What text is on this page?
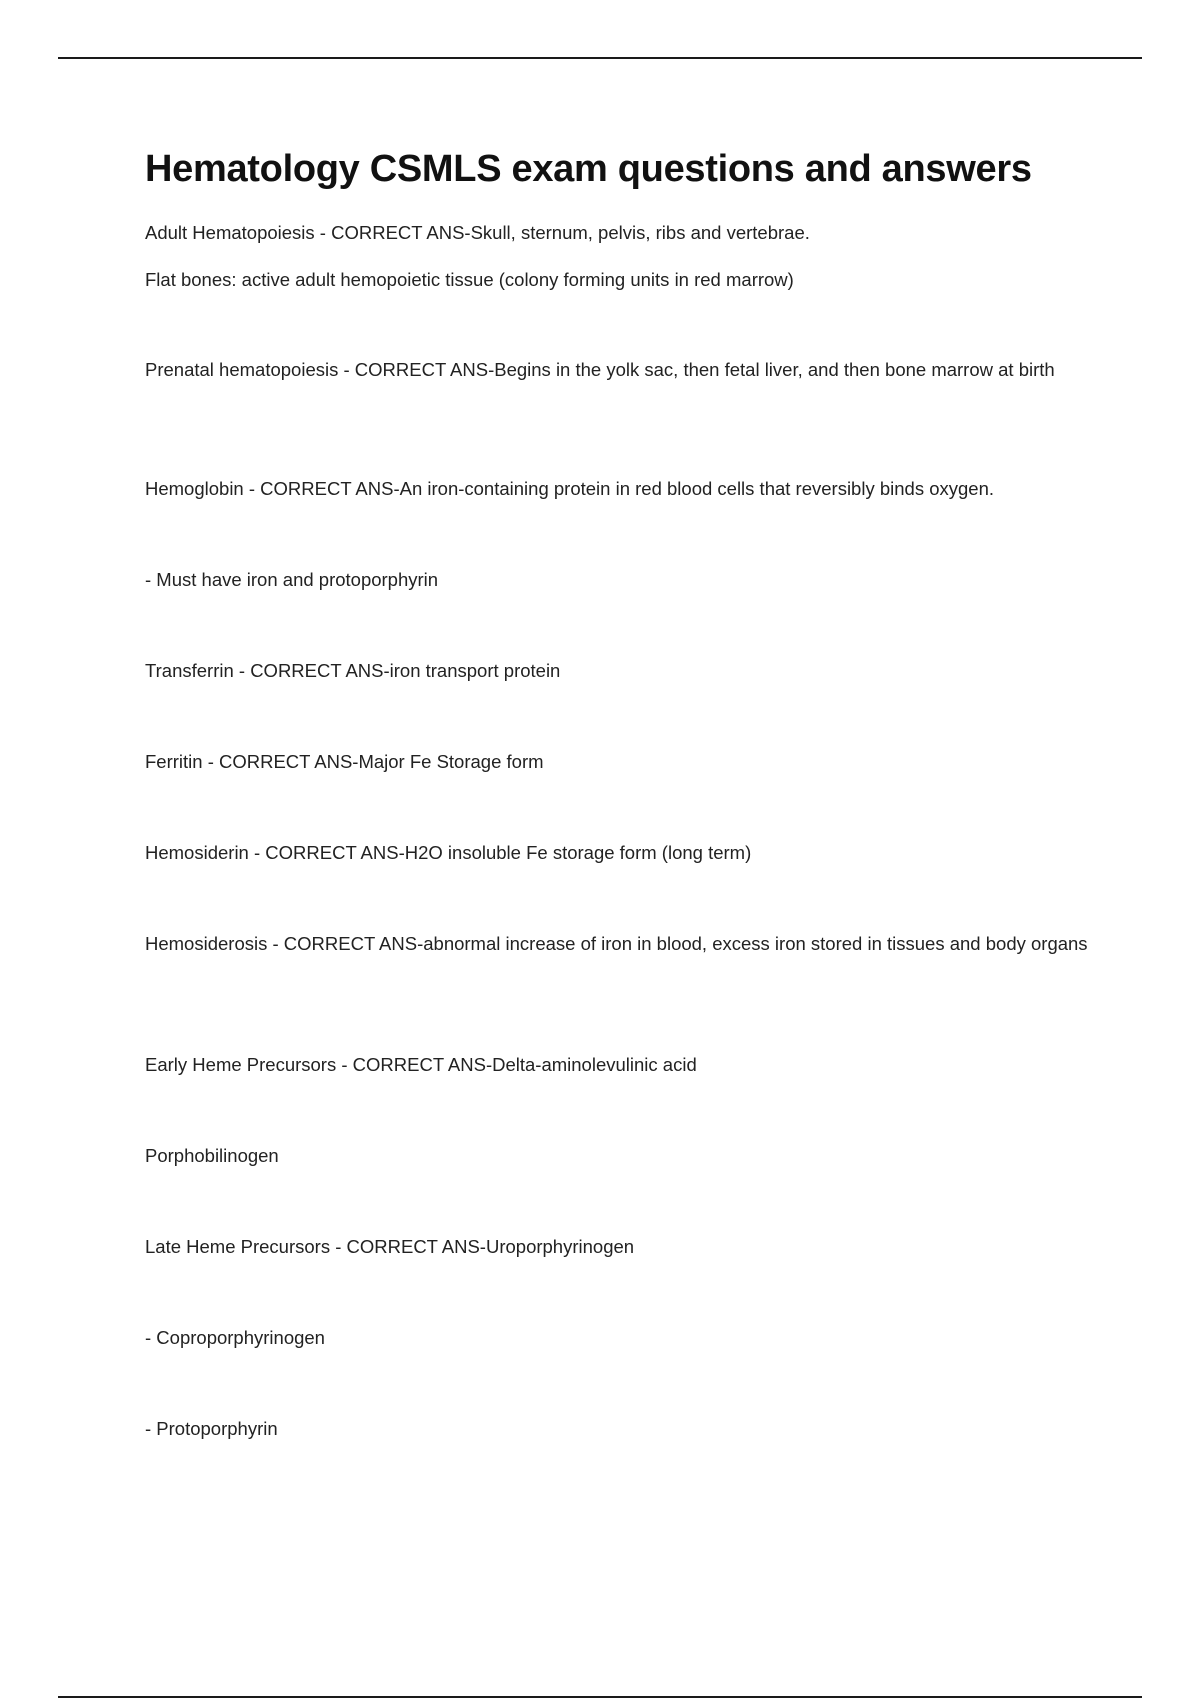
Hematology CSMLS exam questions and answers

Adult Hematopoiesis - CORRECT ANS-Skull, sternum, pelvis, ribs and vertebrae.

Flat bones: active adult hemopoietic tissue (colony forming units in red marrow)

Prenatal hematopoiesis - CORRECT ANS-Begins in the yolk sac, then fetal liver, and then bone marrow at birth

Hemoglobin - CORRECT ANS-An iron-containing protein in red blood cells that reversibly binds oxygen.

- Must have iron and protoporphyrin

Transferrin - CORRECT ANS-iron transport protein

Ferritin - CORRECT ANS-Major Fe Storage form

Hemosiderin - CORRECT ANS-H2O insoluble Fe storage form (long term)

Hemosiderosis - CORRECT ANS-abnormal increase of iron in blood, excess iron stored in tissues and body organs

Early Heme Precursors - CORRECT ANS-Delta-aminolevulinic acid

Porphobilinogen

Late Heme Precursors - CORRECT ANS-Uroporphyrinogen

- Coproporphyrinogen

- Protoporphyrin
